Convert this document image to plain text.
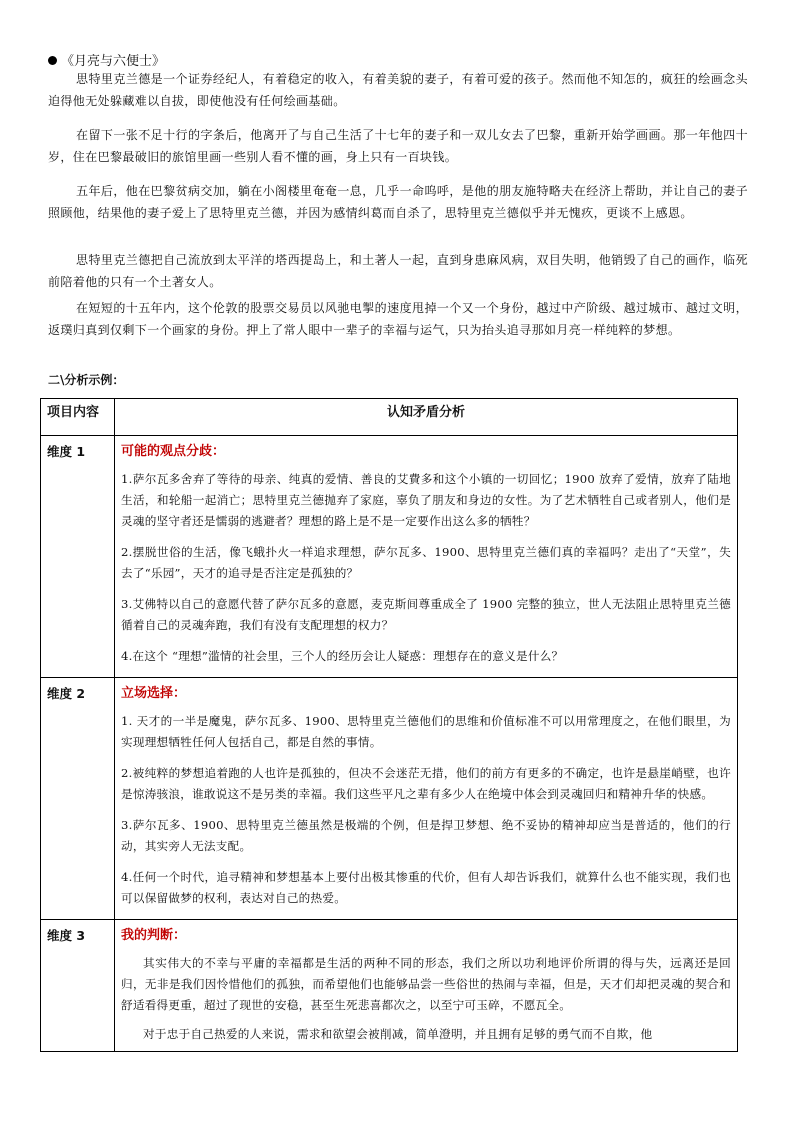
《月亮与六便士》

思特里克兰德是一个证券经纪人，有着稳定的收入，有着美貌的妻子，有着可爱的孩子。然而他不知怎的，疯狂的绘画念头迫得他无处躲藏难以自拔，即使他没有任何绘画基础。

在留下一张不足十行的字条后，他离开了与自己生活了十七年的妻子和一双儿女去了巴黎，重新开始学画画。那一年他四十岁，住在巴黎最破旧的旅馆里画一些别人看不懂的画，身上只有一百块钱。

五年后，他在巴黎贫病交加，躺在小阁楼里奄奄一息，几乎一命呜呼，是他的朋友施特略夫在经济上帮助，并让自己的妻子照顾他，结果他的妻子爱上了思特里克兰德，并因为感情纠葛而自杀了，思特里克兰德似乎并无愧疚，更谈不上感恩。

思特里克兰德把自己流放到太平洋的塔西提岛上，和土著人一起，直到身患麻风病，双目失明，他销毁了自己的画作，临死前陪着他的只有一个土著女人。

在短短的十五年内，这个伦敦的股票交易员以风驰电掣的速度甩掉一个又一个身份，越过中产阶级、越过城市、越过文明，返璞归真到仅剩下一个画家的身份。押上了常人眼中一辈子的幸福与运气，只为抬头追寻那如月亮一样纯粹的梦想。

二\分析示例：
项目内容	认知矛盾分析
维度 1	可能的观点分歧：

1.萨尔瓦多舍弃了等待的母亲、纯真的爱情、善良的艾費多和这个小镇的一切回忆；1900 放弃了爱情，放弃了陆地生活，和轮船一起消亡；思特里克兰德抛弃了家庭，辜负了朋友和身边的女性。为了艺术牺牲自己或者别人，他们是灵魂的坚守者还是懦弱的逃避者？理想的路上是不是一定要作出这么多的牺牲？

2.摆脱世俗的生活，像飞蛾扑火一样追求理想，萨尔瓦多、1900、思特里克兰德们真的幸福吗？走出了“天堂”，失去了“乐园”，天才的追寻是否注定是孤独的？

3.艾佛特以自己的意愿代替了萨尔瓦多的意愿，麦克斯间尊重成全了 1900 完整的独立，世人无法阻止思特里克兰德循着自己的灵魂奔跑，我们有没有支配理想的权力？

4.在这个 “理想”滥情的社会里，三个人的经历会让人疑惑：理想存在的意义是什么？

维度 2	立场选择：

1. 天才的一半是魔鬼，萨尔瓦多、1900、思特里克兰德他们的思维和价值标准不可以用常理度之，在他们眼里，为实现理想牺牲任何人包括自己，都是自然的事情。

2.被纯粹的梦想追着跑的人也许是孤独的，但决不会迷茫无措，他们的前方有更多的不确定，也许是悬崖峭壁，也许是惊涛骇浪，谁敢说这不是另类的幸福。我们这些平凡之辈有多少人在绝境中体会到灵魂回归和精神升华的快感。

3.萨尔瓦多、1900、思特里克兰德虽然是极端的个例，但是捍卫梦想、绝不妥协的精神却应当是普适的，他们的行动，其实旁人无法支配。

4.任何一个时代，追寻精神和梦想基本上要付出极其惨重的代价，但有人却告诉我们，就算什么也不能实现，我们也可以保留做梦的权利，表达对自己的热爱。

维度 3	我的判断：

其实伟大的不幸与平庸的幸福都是生活的两种不同的形态，我们之所以功利地评价所谓的得与失，远离还是回归，无非是我们因怜惜他们的孤独，而希望他们也能够品尝一些俗世的热闹与幸福，但是，天才们却把灵魂的契合和舒适看得更重，超过了现世的安稳，甚至生死悲喜都次之，以至宁可玉碎，不愿瓦全。

对于忠于自己热爱的人来说，需求和欲望会被削减，简单澄明，并且拥有足够的勇气而不自欺，他
